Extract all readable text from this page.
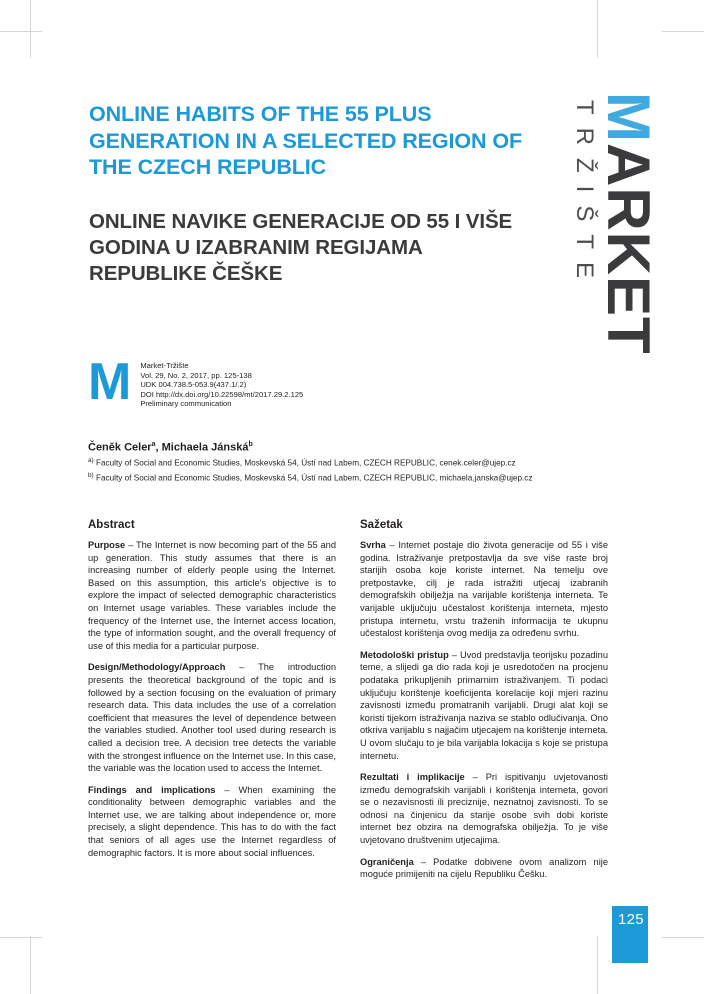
ONLINE HABITS OF THE 55 PLUS GENERATION IN A SELECTED REGION OF THE CZECH REPUBLIC
ONLINE NAVIKE GENERACIJE OD 55 I VIŠE GODINA U IZABRANIM REGIJAMA REPUBLIKE ČEŠKE
MARKET
TRŽIŠTE
M Market-Tržište
Vol. 29, No. 2, 2017, pp. 125-138
UDK 004.738.5-053.9(437.1/.2)
DOI http://dx.doi.org/10.22598/mt/2017.29.2.125
Preliminary communication
Čeněk Celer$^a$, Michaela Jánská$^b$
$^{a)}$ Faculty of Social and Economic Studies, Moskevská 54, Ústí nad Labem, CZECH REPUBLIC, cenek.celer@ujep.cz
$^{b)}$ Faculty of Social and Economic Studies, Moskevská 54, Ústí nad Labem, CZECH REPUBLIC, michaela.janska@ujep.cz
Abstract

Purpose – The Internet is now becoming part of the 55 and up generation. This study assumes that there is an increasing number of elderly people using the Internet. Based on this assumption, this article's objective is to explore the impact of selected demographic characteristics on Internet usage variables. These variables include the frequency of the Internet use, the Internet access location, the type of information sought, and the overall frequency of use of this media for a particular purpose.

Design/Methodology/Approach – The introduction presents the theoretical background of the topic and is followed by a section focusing on the evaluation of primary research data. This data includes the use of a correlation coefficient that measures the level of dependence between the variables studied. Another tool used during research is called a decision tree. A decision tree detects the variable with the strongest influence on the Internet use. In this case, the variable was the location used to access the Internet.

Findings and implications – When examining the conditionality between demographic variables and the Internet use, we are talking about independence or, more precisely, a slight dependence. This has to do with the fact that seniors of all ages use the Internet regardless of demographic factors. It is more about social influences.

Sažetak

Svrha – Internet postaje dio života generacije od 55 i više godina. Istraživanje pretpostavlja da sve više raste broj starijih osoba koje koriste internet. Na temelju ove pretpostavke, cilj je rada istražiti utjecaj izabranih demografskih obilježja na varijable korištenja interneta. Te varijable uključuju učestalost korištenja interneta, mjesto pristupa internetu, vrstu traženih informacija te ukupnu učestalost korištenja ovog medija za određenu svrhu.

Metodološki pristup – Uvod predstavlja teorijsku pozadinu teme, a slijedi ga dio rada koji je usredotočen na procjenu podataka prikupljenih primarnim istraživanjem. Ti podaci uključuju korištenje koeficijenta korelacije koji mjeri razinu zavisnosti između promatranih varijabli. Drugi alat koji se koristi tijekom istraživanja naziva se stablo odlučivanja. Ono otkriva varijablu s najjačim utjecajem na korištenje interneta. U ovom slučaju to je bila varijabla lokacija s koje se pristupa internetu.

Rezultati i implikacije – Pri ispitivanju uvjetovanosti između demografskih varijabli i korištenja interneta, govori se o nezavisnosti ili preciznije, neznatnoj zavisnosti. To se odnosi na činjenicu da starije osobe svih dobi koriste internet bez obzira na demografska obilježja. To je više uvjetovano društvenim utjecajima.

Ograničenja – Podatke dobivene ovom analizom nije moguće primijeniti na cijelu Republiku Češku.

125
